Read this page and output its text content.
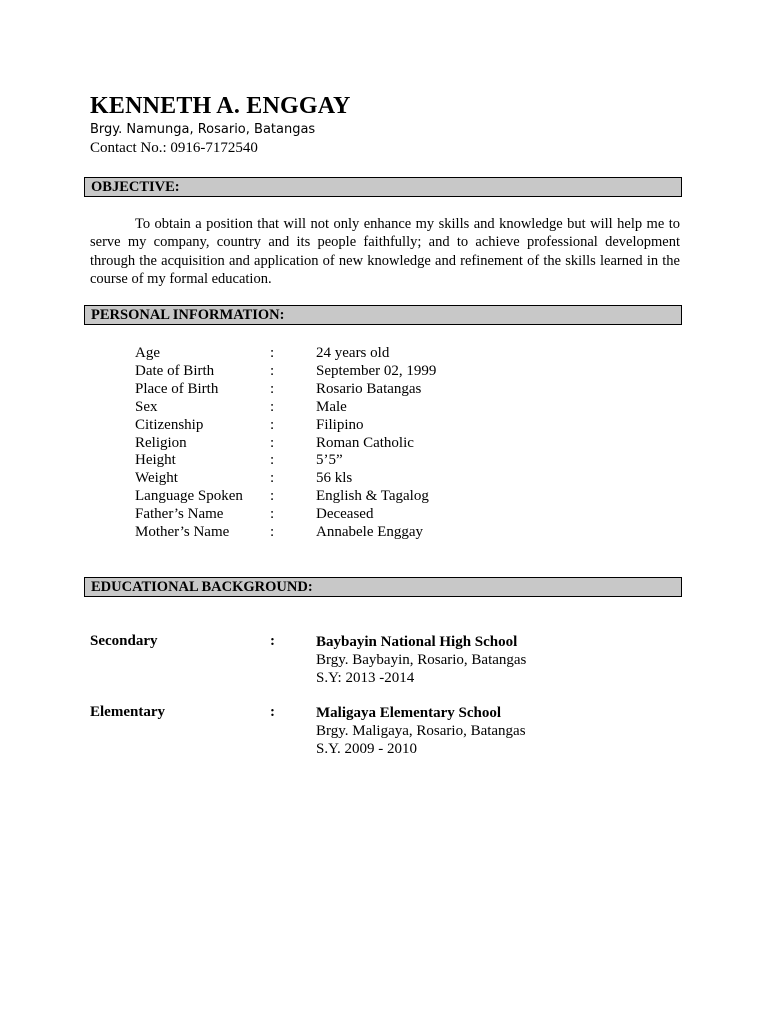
KENNETH A. ENGGAY
Brgy. Namunga, Rosario, Batangas
Contact No.: 0916-7172540
OBJECTIVE:

To obtain a position that will not only enhance my skills and knowledge but will help me to serve my company, country and its people faithfully; and to achieve professional development through the acquisition and application of new knowledge and refinement of the skills learned in the course of my formal education.

PERSONAL INFORMATION:
Age	:	24 years old
Date of Birth	:	September 02, 1999
Place of Birth	:	Rosario Batangas
Sex	:	Male
Citizenship	:	Filipino
Religion	:	Roman Catholic
Height	:	5’5”
Weight	:	56 kls
Language Spoken :	English & Tagalog
Father’s Name	:	Deceased
Mother’s Name	:	Annabele Enggay
EDUCATIONAL BACKGROUND:
Secondary	:	Baybayin National High School
Brgy. Baybayin, Rosario, Batangas
S.Y: 2013 -2014
Elementary	:	Maligaya Elementary School
Brgy. Maligaya, Rosario, Batangas
S.Y. 2009 - 2010
